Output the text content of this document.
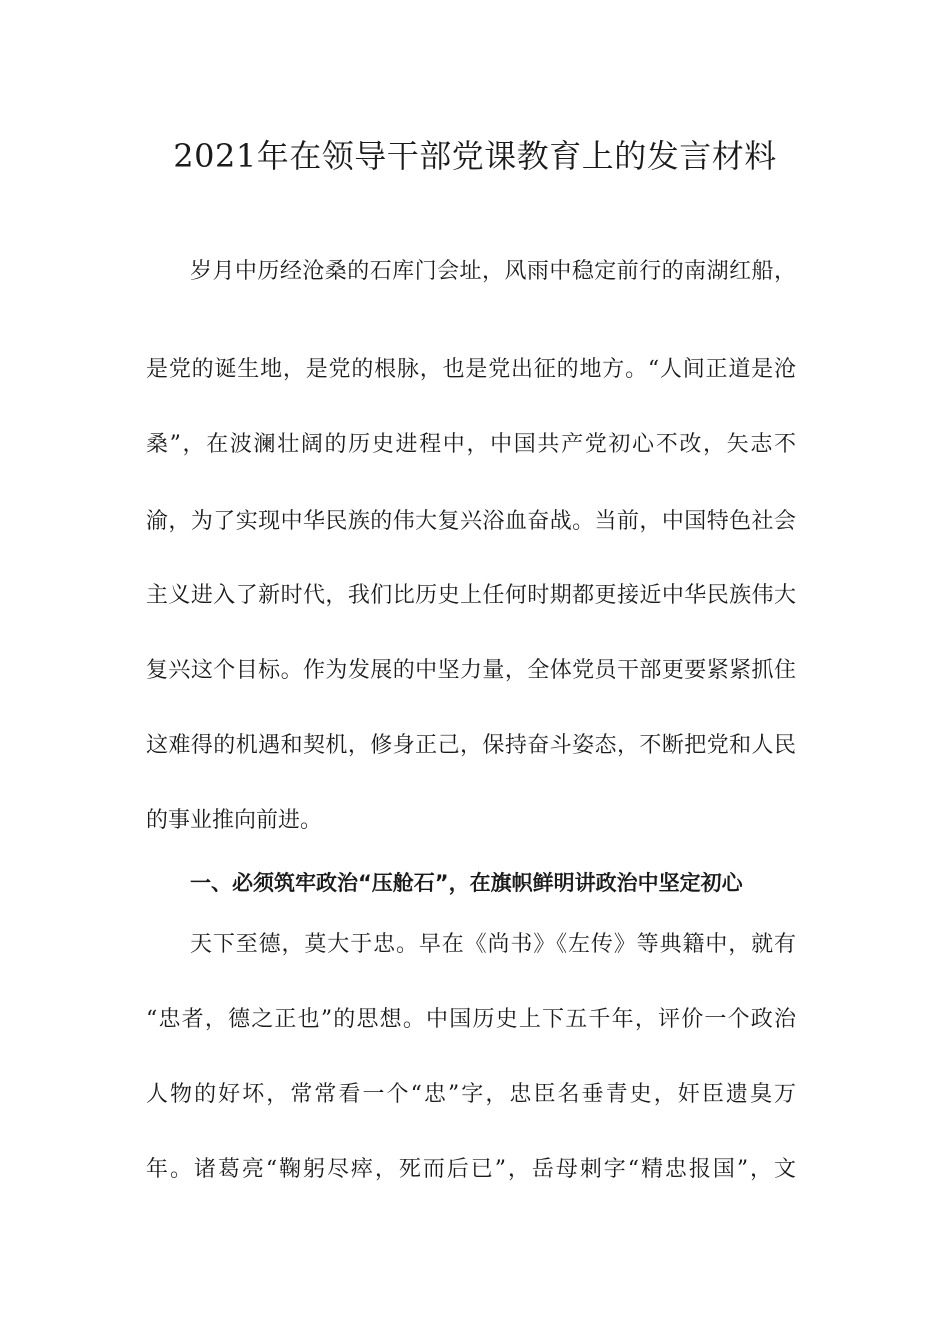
2021年在领导干部党课教育上的发言材料

岁月中历经沧桑的石库门会址，风雨中稳定前行的南湖红船，

是党的诞生地，是党的根脉，也是党出征的地方。“人间正道是沧

桑”，在波澜壮阔的历史进程中，中国共产党初心不改，矢志不

渝，为了实现中华民族的伟大复兴浴血奋战。当前，中国特色社会

主义进入了新时代，我们比历史上任何时期都更接近中华民族伟大

复兴这个目标。作为发展的中坚力量，全体党员干部更要紧紧抓住

这难得的机遇和契机，修身正己，保持奋斗姿态，不断把党和人民

的事业推向前进。

一、必须筑牢政治“压舱石”，在旗帜鲜明讲政治中坚定初心

天下至德，莫大于忠。早在《尚书》《左传》等典籍中，就有

“忠者，德之正也”的思想。中国历史上下五千年，评价一个政治

人物的好坏，常常看一个“忠”字，忠臣名垂青史，奸臣遗臭万

年。诸葛亮“鞠躬尽瘁，死而后已”，岳母刺字“精忠报国”，文
